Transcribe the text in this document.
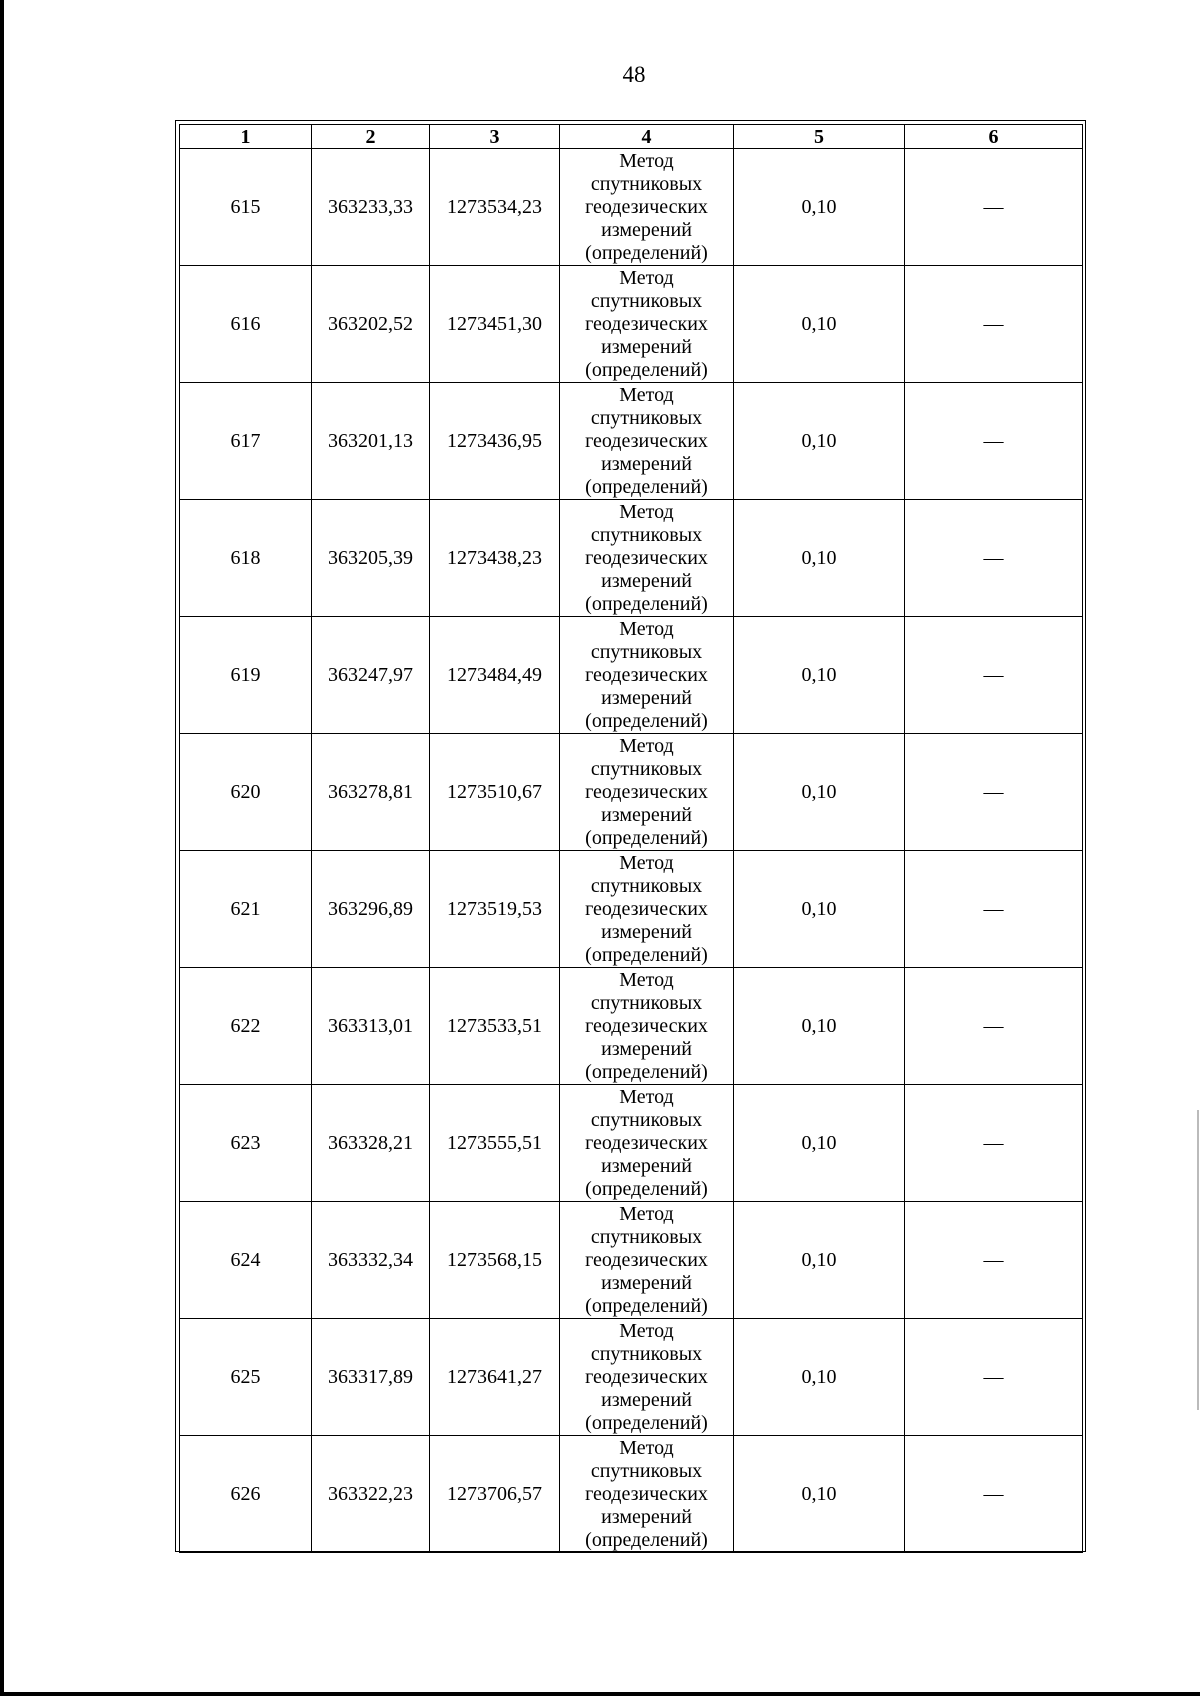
48
1	2	3	4	5	6
615	363233,33	1273534,23	Метод
спутниковых
геодезических
измерений
(определений)	0,10	—
616	363202,52	1273451,30	Метод
спутниковых
геодезических
измерений
(определений)	0,10	—
617	363201,13	1273436,95	Метод
спутниковых
геодезических
измерений
(определений)	0,10	—
618	363205,39	1273438,23	Метод
спутниковых
геодезических
измерений
(определений)	0,10	—
619	363247,97	1273484,49	Метод
спутниковых
геодезических
измерений
(определений)	0,10	—
620	363278,81	1273510,67	Метод
спутниковых
геодезических
измерений
(определений)	0,10	—
621	363296,89	1273519,53	Метод
спутниковых
геодезических
измерений
(определений)	0,10	—
622	363313,01	1273533,51	Метод
спутниковых
геодезических
измерений
(определений)	0,10	—
623	363328,21	1273555,51	Метод
спутниковых
геодезических
измерений
(определений)	0,10	—
624	363332,34	1273568,15	Метод
спутниковых
геодезических
измерений
(определений)	0,10	—
625	363317,89	1273641,27	Метод
спутниковых
геодезических
измерений
(определений)	0,10	—
626	363322,23	1273706,57	Метод
спутниковых
геодезических
измерений
(определений)	0,10	—
